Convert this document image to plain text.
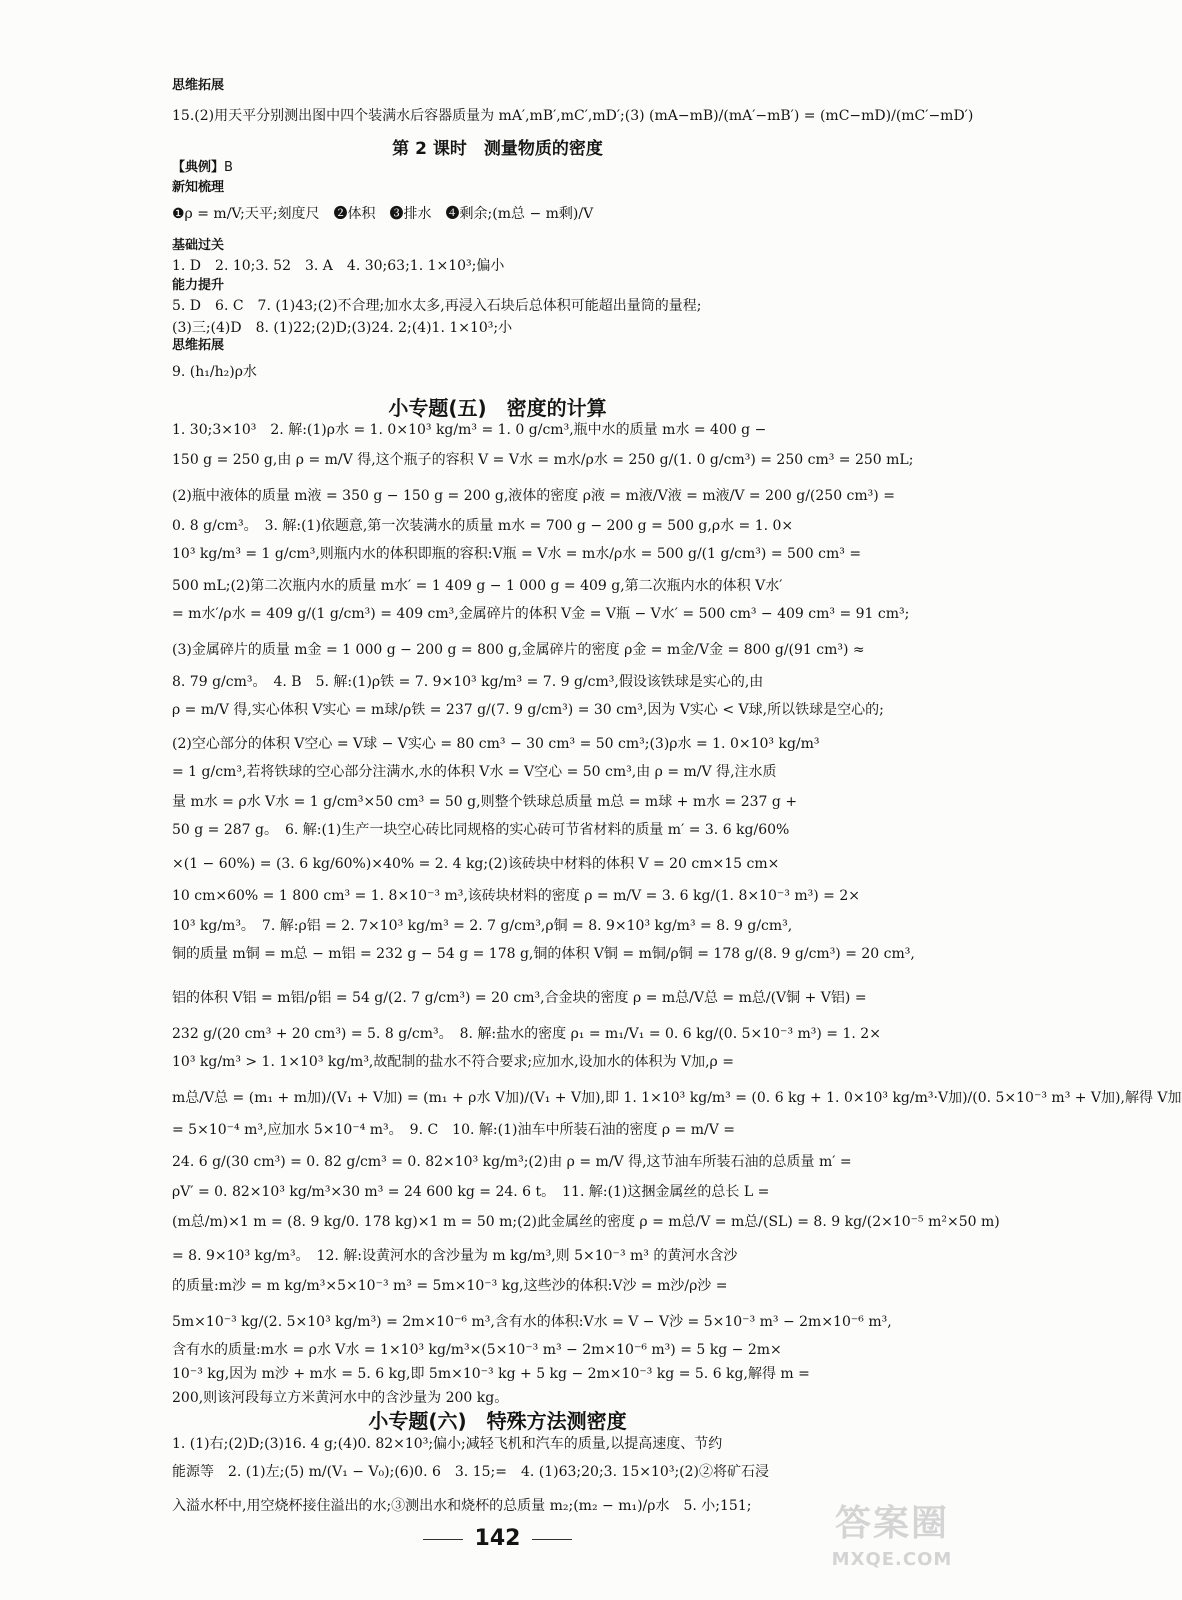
思维拓展

15.(2)用天平分别测出图中四个装满水后容器质量为 mA′,mB′,mC′,mD′;(3) (mA−mB)/(mA′−mB′) = (mC−mD)/(mC′−mD′)

第 2 课时　测量物质的密度

【典例】B

新知梳理

❶ρ = m/V;天平;刻度尺　❷体积　❸排水　❹剩余;(m总 − m剩)/V

基础过关

1. D　2. 10;3. 52　3. A　4. 30;63;1. 1×10³;偏小

能力提升

5. D　6. C　7. (1)43;(2)不合理;加水太多,再浸入石块后总体积可能超出量筒的量程;

(3)三;(4)D　8. (1)22;(2)D;(3)24. 2;(4)1. 1×10³;小

思维拓展

9. (h₁/h₂)ρ水

小专题(五)　密度的计算

1. 30;3×10³　2. 解:(1)ρ水 = 1. 0×10³ kg/m³ = 1. 0 g/cm³,瓶中水的质量 m水 = 400 g −

150 g = 250 g,由 ρ = m/V 得,这个瓶子的容积 V = V水 = m水/ρ水 = 250 g/(1. 0 g/cm³) = 250 cm³ = 250 mL;

(2)瓶中液体的质量 m液 = 350 g − 150 g = 200 g,液体的密度 ρ液 = m液/V液 = m液/V = 200 g/(250 cm³) =

0. 8 g/cm³。　3. 解:(1)依题意,第一次装满水的质量 m水 = 700 g − 200 g = 500 g,ρ水 = 1. 0×

10³ kg/m³ = 1 g/cm³,则瓶内水的体积即瓶的容积:V瓶 = V水 = m水/ρ水 = 500 g/(1 g/cm³) = 500 cm³ =

500 mL;(2)第二次瓶内水的质量 m水′ = 1 409 g − 1 000 g = 409 g,第二次瓶内水的体积 V水′

= m水′/ρ水 = 409 g/(1 g/cm³) = 409 cm³,金属碎片的体积 V金 = V瓶 − V水′ = 500 cm³ − 409 cm³ = 91 cm³;

(3)金属碎片的质量 m金 = 1 000 g − 200 g = 800 g,金属碎片的密度 ρ金 = m金/V金 = 800 g/(91 cm³) ≈

8. 79 g/cm³。　4. B　5. 解:(1)ρ铁 = 7. 9×10³ kg/m³ = 7. 9 g/cm³,假设该铁球是实心的,由

ρ = m/V 得,实心体积 V实心 = m球/ρ铁 = 237 g/(7. 9 g/cm³) = 30 cm³,因为 V实心 < V球,所以铁球是空心的;

(2)空心部分的体积 V空心 = V球 − V实心 = 80 cm³ − 30 cm³ = 50 cm³;(3)ρ水 = 1. 0×10³ kg/m³

= 1 g/cm³,若将铁球的空心部分注满水,水的体积 V水 = V空心 = 50 cm³,由 ρ = m/V 得,注水质

量 m水 = ρ水 V水 = 1 g/cm³×50 cm³ = 50 g,则整个铁球总质量 m总 = m球 + m水 = 237 g +

50 g = 287 g。　6. 解:(1)生产一块空心砖比同规格的实心砖可节省材料的质量 m′ = 3. 6 kg/60%

×(1 − 60%) = (3. 6 kg/60%)×40% = 2. 4 kg;(2)该砖块中材料的体积 V = 20 cm×15 cm×

10 cm×60% = 1 800 cm³ = 1. 8×10⁻³ m³,该砖块材料的密度 ρ = m/V = 3. 6 kg/(1. 8×10⁻³ m³) = 2×

10³ kg/m³。　7. 解:ρ铝 = 2. 7×10³ kg/m³ = 2. 7 g/cm³,ρ铜 = 8. 9×10³ kg/m³ = 8. 9 g/cm³,

铜的质量 m铜 = m总 − m铝 = 232 g − 54 g = 178 g,铜的体积 V铜 = m铜/ρ铜 = 178 g/(8. 9 g/cm³) = 20 cm³,

铝的体积 V铝 = m铝/ρ铝 = 54 g/(2. 7 g/cm³) = 20 cm³,合金块的密度 ρ = m总/V总 = m总/(V铜 + V铝) =

232 g/(20 cm³ + 20 cm³) = 5. 8 g/cm³。　8. 解:盐水的密度 ρ₁ = m₁/V₁ = 0. 6 kg/(0. 5×10⁻³ m³) = 1. 2×

10³ kg/m³ > 1. 1×10³ kg/m³,故配制的盐水不符合要求;应加水,设加水的体积为 V加,ρ =

m总/V总 = (m₁ + m加)/(V₁ + V加) = (m₁ + ρ水 V加)/(V₁ + V加),即 1. 1×10³ kg/m³ = (0. 6 kg + 1. 0×10³ kg/m³·V加)/(0. 5×10⁻³ m³ + V加),解得 V加

= 5×10⁻⁴ m³,应加水 5×10⁻⁴ m³。　9. C　10. 解:(1)油车中所装石油的密度 ρ = m/V =

24. 6 g/(30 cm³) = 0. 82 g/cm³ = 0. 82×10³ kg/m³;(2)由 ρ = m/V 得,这节油车所装石油的总质量 m′ =

ρV′ = 0. 82×10³ kg/m³×30 m³ = 24 600 kg = 24. 6 t。　11. 解:(1)这捆金属丝的总长 L =

(m总/m)×1 m = (8. 9 kg/0. 178 kg)×1 m = 50 m;(2)此金属丝的密度 ρ = m总/V = m总/(SL) = 8. 9 kg/(2×10⁻⁵ m²×50 m)

= 8. 9×10³ kg/m³。　12. 解:设黄河水的含沙量为 m kg/m³,则 5×10⁻³ m³ 的黄河水含沙

的质量:m沙 = m kg/m³×5×10⁻³ m³ = 5m×10⁻³ kg,这些沙的体积:V沙 = m沙/ρ沙 =

5m×10⁻³ kg/(2. 5×10³ kg/m³) = 2m×10⁻⁶ m³,含有水的体积:V水 = V − V沙 = 5×10⁻³ m³ − 2m×10⁻⁶ m³,

含有水的质量:m水 = ρ水 V水 = 1×10³ kg/m³×(5×10⁻³ m³ − 2m×10⁻⁶ m³) = 5 kg − 2m×

10⁻³ kg,因为 m沙 + m水 = 5. 6 kg,即 5m×10⁻³ kg + 5 kg − 2m×10⁻³ kg = 5. 6 kg,解得 m =

200,则该河段每立方米黄河水中的含沙量为 200 kg。

小专题(六)　特殊方法测密度

1. (1)右;(2)D;(3)16. 4 g;(4)0. 82×10³;偏小;减轻飞机和汽车的质量,以提高速度、节约

能源等　2. (1)左;(5) m/(V₁ − V₀);(6)0. 6　3. 15;=　4. (1)63;20;3. 15×10³;(2)②将矿石浸

入溢水杯中,用空烧杯接住溢出的水;③测出水和烧杯的总质量 m₂;(m₂ − m₁)/ρ水　5. 小;151;

142	答案圈
MXQE.COM
